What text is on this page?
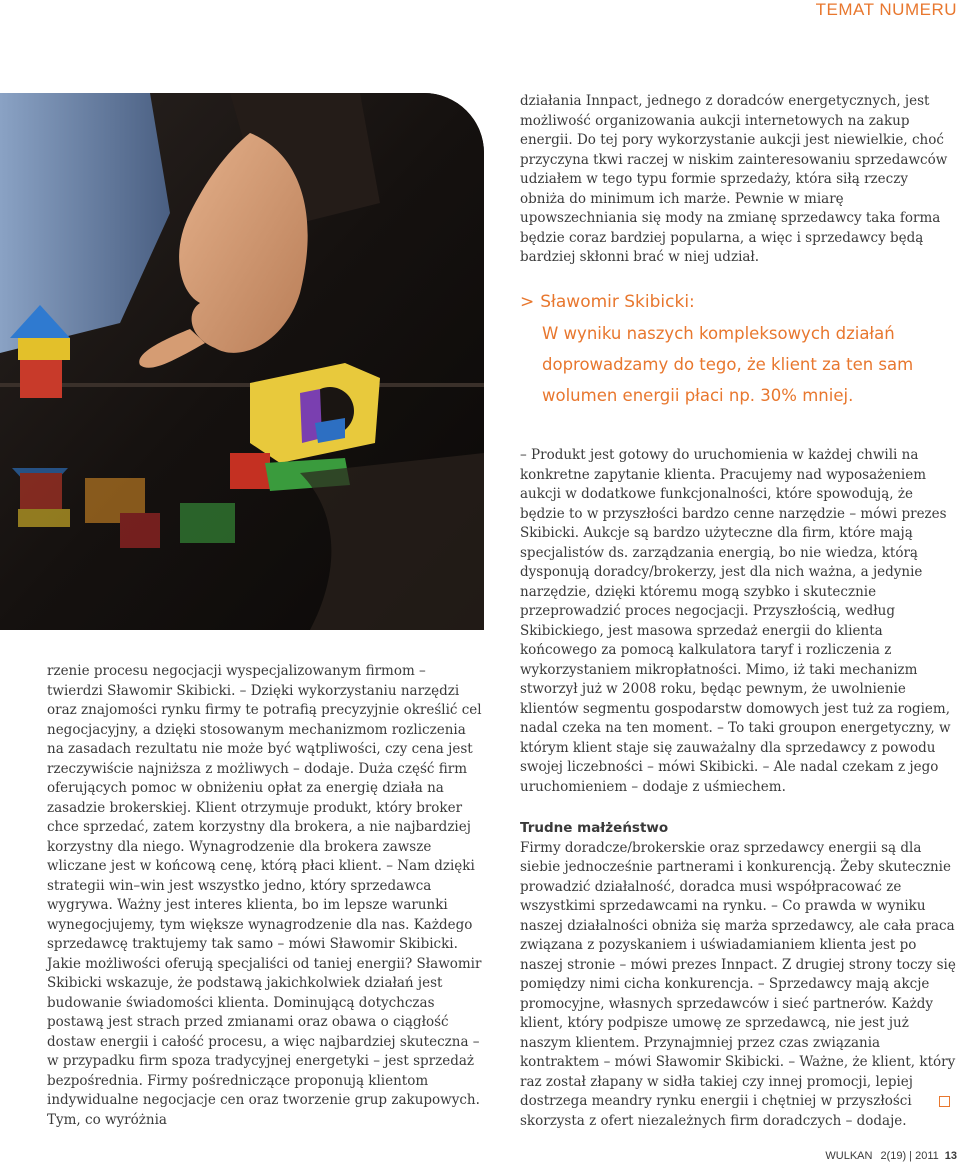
TEMAT NUMERU

działania Innpact, jednego z doradców energetycznych, jest możliwość organizowania aukcji internetowych na zakup energii. Do tej pory wykorzystanie aukcji jest niewielkie, choć przyczyna tkwi raczej w niskim zainteresowaniu sprzedawców udziałem w tego typu formie sprzedaży, która siłą rzeczy obniża do minimum ich marże. Pewnie w miarę upowszechniania się mody na zmianę sprzedawcy taka forma będzie coraz bardziej popularna, a więc i sprzedawcy będą bardziej skłonni brać w niej udział.

> Sławomir Skibicki:

W wyniku naszych kompleksowych działań doprowadzamy do tego, że klient za ten sam wolumen energii płaci np. 30% mniej.

– Produkt jest gotowy do uruchomienia w każdej chwili na konkretne zapytanie klienta. Pracujemy nad wyposażeniem aukcji w dodatkowe funkcjonalności, które spowodują, że będzie to w przyszłości bardzo cenne narzędzie – mówi prezes Skibicki. Aukcje są bardzo użyteczne dla firm, które mają specjalistów ds. zarządzania energią, bo nie wiedza, którą dysponują doradcy/brokerzy, jest dla nich ważna, a jedynie narzędzie, dzięki któremu mogą szybko i skutecznie przeprowadzić proces negocjacji. Przyszłością, według Skibickiego, jest masowa sprzedaż energii do klienta końcowego za pomocą kalkulatora taryf i rozliczenia z wykorzystaniem mikropłatności. Mimo, iż taki mechanizm stworzył już w 2008 roku, będąc pewnym, że uwolnienie klientów segmentu gospodarstw domowych jest tuż za rogiem, nadal czeka na ten moment. – To taki groupon energetyczny, w którym klient staje się zauważalny dla sprzedawcy z powodu swojej liczebności – mówi Skibicki. – Ale nadal czekam z jego uruchomieniem – dodaje z uśmiechem.

Trudne małżeństwo

Firmy doradcze/brokerskie oraz sprzedawcy energii są dla siebie jednocześnie partnerami i konkurencją. Żeby skutecznie prowadzić działalność, doradca musi współpracować ze wszystkimi sprzedawcami na rynku. – Co prawda w wyniku naszej działalności obniża się marża sprzedawcy, ale cała praca związana z pozyskaniem i uświadamianiem klienta jest po naszej stronie – mówi prezes Innpact. Z drugiej strony toczy się pomiędzy nimi cicha konkurencja. – Sprzedawcy mają akcje promocyjne, własnych sprzedawców i sieć partnerów. Każdy klient, który podpisze umowę ze sprzedawcą, nie jest już naszym klientem. Przynajmniej przez czas związania kontraktem – mówi Sławomir Skibicki. – Ważne, że klient, który raz został złapany w sidła takiej czy innej promocji, lepiej dostrzega meandry rynku energii i chętniej w przyszłości skorzysta z ofert niezależnych firm doradczych – dodaje.

rzenie procesu negocjacji wyspecjalizowanym firmom – twierdzi Sławomir Skibicki. – Dzięki wykorzystaniu narzędzi oraz znajomości rynku firmy te potrafią precyzyjnie określić cel negocjacyjny, a dzięki stosowanym mechanizmom rozliczenia na zasadach rezultatu nie może być wątpliwości, czy cena jest rzeczywiście najniższa z możliwych – dodaje. Duża część firm oferujących pomoc w obniżeniu opłat za energię działa na zasadzie brokerskiej. Klient otrzymuje produkt, który broker chce sprzedać, zatem korzystny dla brokera, a nie najbardziej korzystny dla niego. Wynagrodzenie dla brokera zawsze wliczane jest w końcową cenę, którą płaci klient. – Nam dzięki strategii win–win jest wszystko jedno, który sprzedawca wygrywa. Ważny jest interes klienta, bo im lepsze warunki wynegocjujemy, tym większe wynagrodzenie dla nas. Każdego sprzedawcę traktujemy tak samo – mówi Sławomir Skibicki. Jakie możliwości oferują specjaliści od taniej energii? Sławomir Skibicki wskazuje, że podstawą jakichkolwiek działań jest budowanie świadomości klienta. Dominującą dotychczas postawą jest strach przed zmianami oraz obawa o ciągłość dostaw energii i całość procesu, a więc najbardziej skuteczna – w przypadku firm spoza tradycyjnej energetyki – jest sprzedaż bezpośrednia. Firmy pośredniczące proponują klientom indywidualne negocjacje cen oraz tworzenie grup zakupowych. Tym, co wyróżnia

WULKAN 2(19) | 2011 13
